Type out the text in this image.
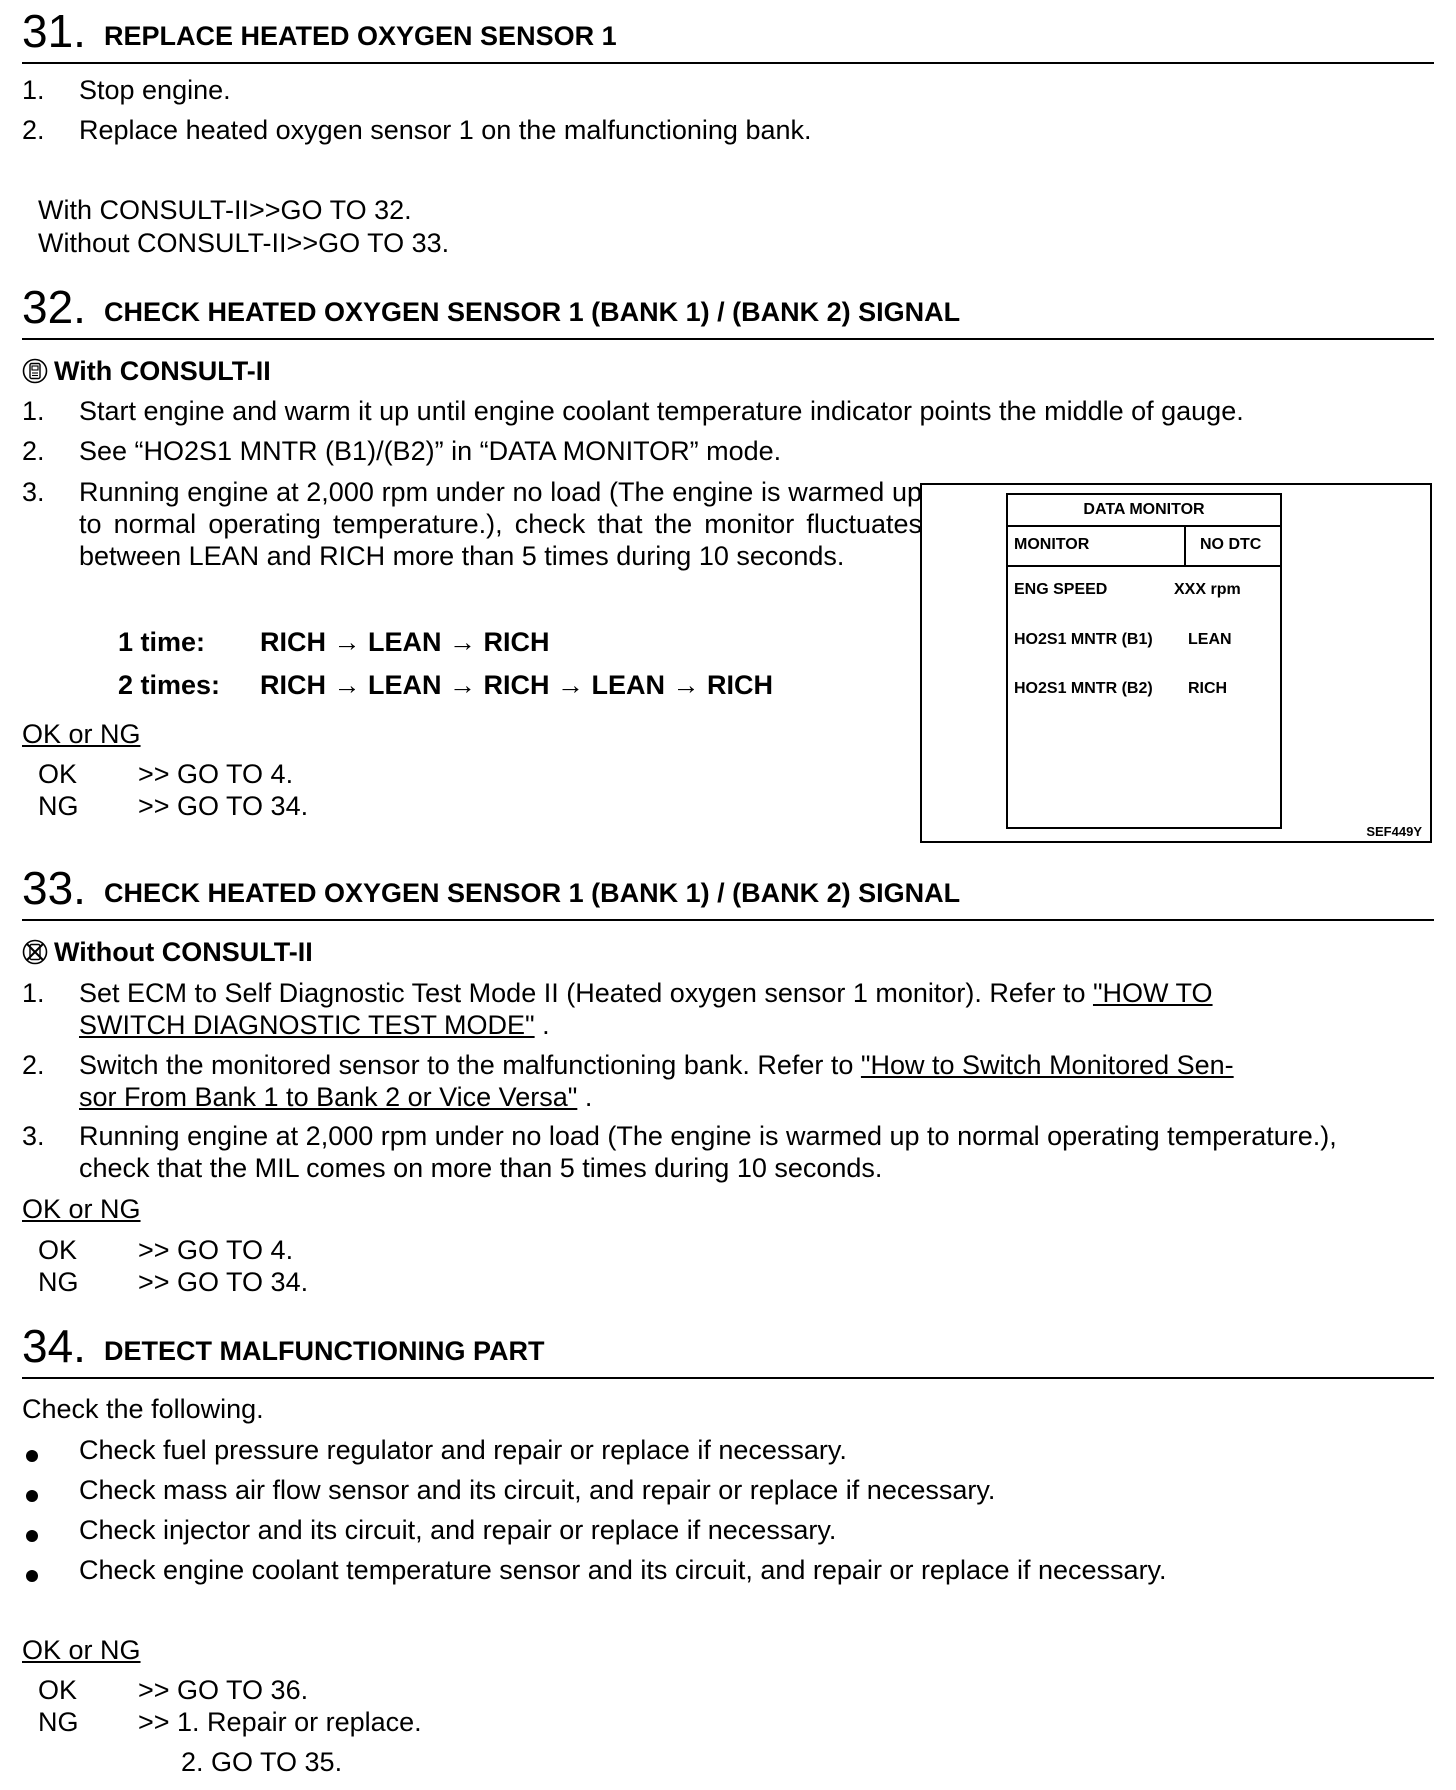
31. REPLACE HEATED OXYGEN SENSOR 1
1. Stop engine.
2. Replace heated oxygen sensor 1 on the malfunctioning bank.
With CONSULT-II>>GO TO 32.
Without CONSULT-II>>GO TO 33.
32. CHECK HEATED OXYGEN SENSOR 1 (BANK 1) / (BANK 2) SIGNAL
With CONSULT-II
1. Start engine and warm it up until engine coolant temperature indicator points the middle of gauge.
2. See “HO2S1 MNTR (B1)/(B2)” in “DATA MONITOR” mode.
3. Running engine at 2,000 rpm under no load (The engine is warmed up to normal operating temperature.), check that the monitor fluctuates between LEAN and RICH more than 5 times during 10 seconds.
1 time: RICH → LEAN → RICH
2 times: RICH → LEAN → RICH → LEAN → RICH
OK or NG
OK >> GO TO 4.
NG >> GO TO 34.
DATA MONITOR
MONITOR	NO DTC
ENG SPEED	XXX rpm
HO2S1 MNTR (B1) LEAN
HO2S1 MNTR (B2) RICH
SEF449Y
33. CHECK HEATED OXYGEN SENSOR 1 (BANK 1) / (BANK 2) SIGNAL
Without CONSULT-II
1. Set ECM to Self Diagnostic Test Mode II (Heated oxygen sensor 1 monitor). Refer to "HOW TO
SWITCH DIAGNOSTIC TEST MODE" .
2. Switch the monitored sensor to the malfunctioning bank. Refer to "How to Switch Monitored Sen-
sor From Bank 1 to Bank 2 or Vice Versa" .
3. Running engine at 2,000 rpm under no load (The engine is warmed up to normal operating temperature.),
check that the MIL comes on more than 5 times during 10 seconds.
OK or NG
OK >> GO TO 4.
NG >> GO TO 34.
34. DETECT MALFUNCTIONING PART
Check the following.
Check fuel pressure regulator and repair or replace if necessary.
Check mass air flow sensor and its circuit, and repair or replace if necessary.
Check injector and its circuit, and repair or replace if necessary.
Check engine coolant temperature sensor and its circuit, and repair or replace if necessary.
OK or NG
OK >> GO TO 36.
NG >> 1. Repair or replace.
2. GO TO 35.
